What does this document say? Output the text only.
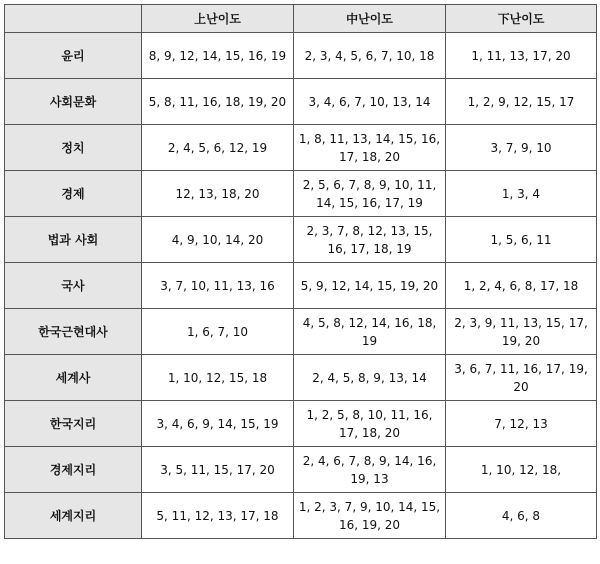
	上난이도	中난이도	下난이도
윤리	8, 9, 12, 14, 15, 16, 19	2, 3, 4, 5, 6, 7, 10, 18	1, 11, 13, 17, 20
사회문화	5, 8, 11, 16, 18, 19, 20	3, 4, 6, 7, 10, 13, 14	1, 2, 9, 12, 15, 17
정치	2, 4, 5, 6, 12, 19	1, 8, 11, 13, 14, 15, 16, 17, 18, 20	3, 7, 9, 10
경제	12, 13, 18, 20	2, 5, 6, 7, 8, 9, 10, 11, 14, 15, 16, 17, 19	1, 3, 4
법과 사회	4, 9, 10, 14, 20	2, 3, 7, 8, 12, 13, 15, 16, 17, 18, 19	1, 5, 6, 11
국사	3, 7, 10, 11, 13, 16	5, 9, 12, 14, 15, 19, 20	1, 2, 4, 6, 8, 17, 18
한국근현대사	1, 6, 7, 10	4, 5, 8, 12, 14, 16, 18, 19	2, 3, 9, 11, 13, 15, 17, 19, 20
세계사	1, 10, 12, 15, 18	2, 4, 5, 8, 9, 13, 14	3, 6, 7, 11, 16, 17, 19, 20
한국지리	3, 4, 6, 9, 14, 15, 19	1, 2, 5, 8, 10, 11, 16, 17, 18, 20	7, 12, 13
경제지리	3, 5, 11, 15, 17, 20	2, 4, 6, 7, 8, 9, 14, 16, 19, 13	1, 10, 12, 18,
세계지리	5, 11, 12, 13, 17, 18	1, 2, 3, 7, 9, 10, 14, 15, 16, 19, 20	4, 6, 8
